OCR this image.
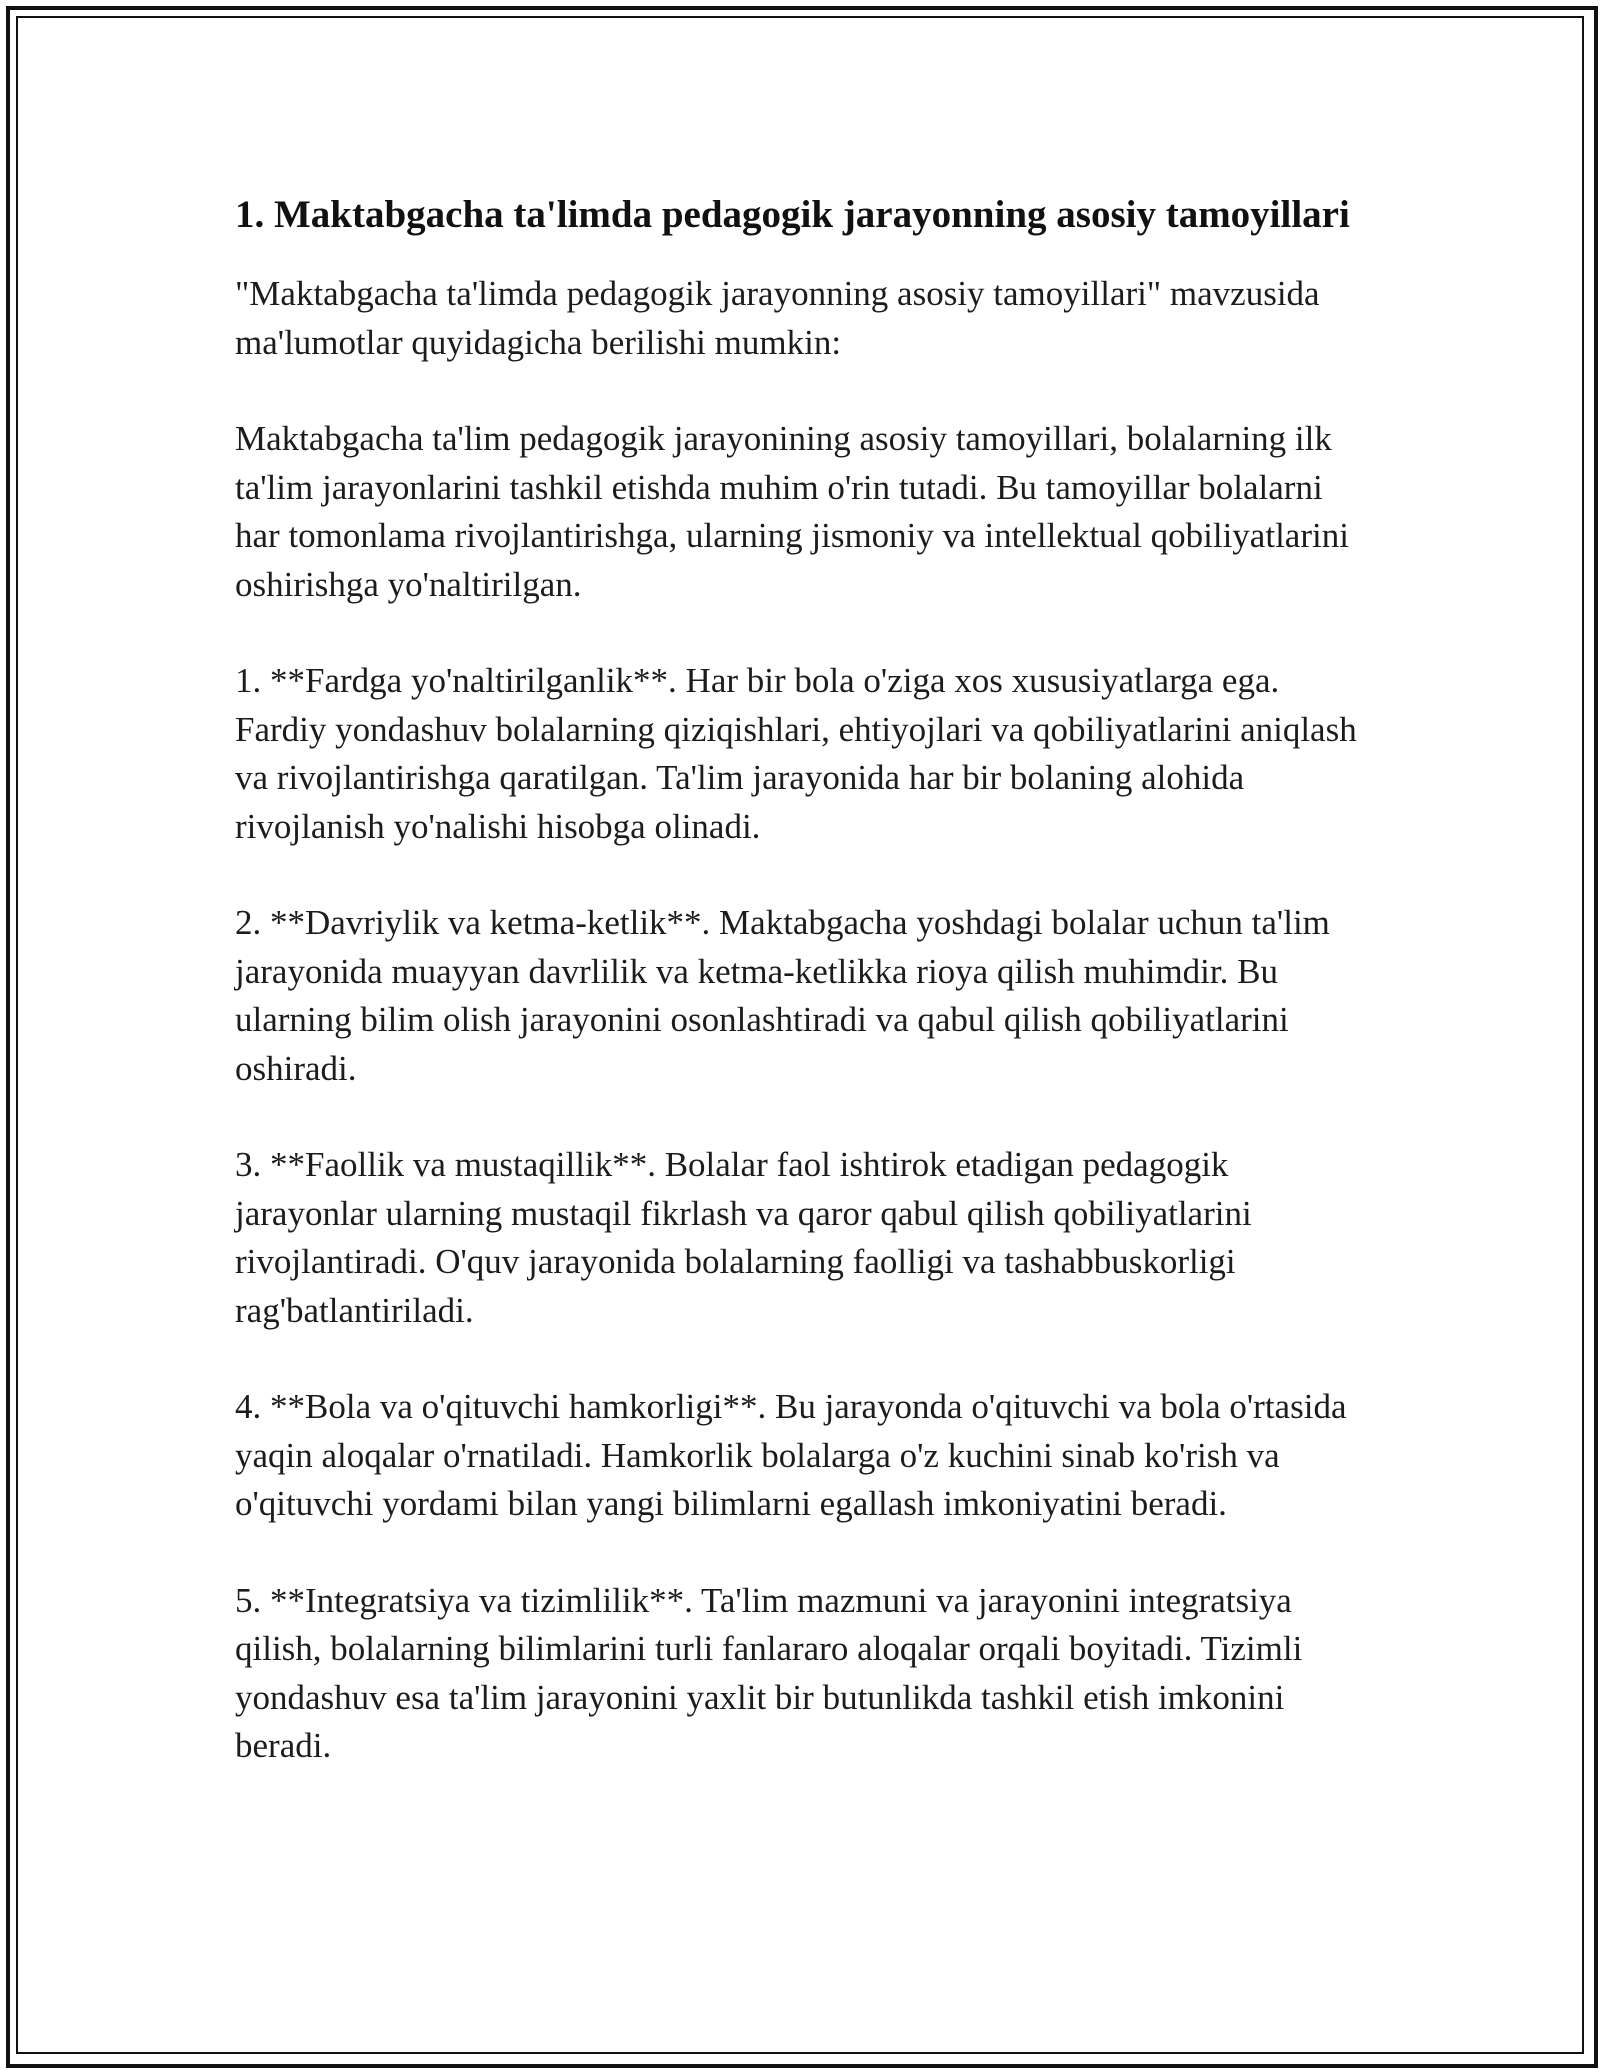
1. Maktabgacha ta'limda pedagogik jarayonning asosiy tamoyillari

"Maktabgacha ta'limda pedagogik jarayonning asosiy tamoyillari" mavzusida ma'lumotlar quyidagicha berilishi mumkin:

Maktabgacha ta'lim pedagogik jarayonining asosiy tamoyillari, bolalarning ilk ta'lim jarayonlarini tashkil etishda muhim o'rin tutadi. Bu tamoyillar bolalarni har tomonlama rivojlantirishga, ularning jismoniy va intellektual qobiliyatlarini oshirishga yo'naltirilgan.

1. **Fardga yo'naltirilganlik**. Har bir bola o'ziga xos xususiyatlarga ega. Fardiy yondashuv bolalarning qiziqishlari, ehtiyojlari va qobiliyatlarini aniqlash va rivojlantirishga qaratilgan. Ta'lim jarayonida har bir bolaning alohida rivojlanish yo'nalishi hisobga olinadi.

2. **Davriylik va ketma-ketlik**. Maktabgacha yoshdagi bolalar uchun ta'lim jarayonida muayyan davrlilik va ketma-ketlikka rioya qilish muhimdir. Bu ularning bilim olish jarayonini osonlashtiradi va qabul qilish qobiliyatlarini oshiradi.

3. **Faollik va mustaqillik**. Bolalar faol ishtirok etadigan pedagogik jarayonlar ularning mustaqil fikrlash va qaror qabul qilish qobiliyatlarini rivojlantiradi. O'quv jarayonida bolalarning faolligi va tashabbuskorligi rag'batlantiriladi.

4. **Bola va o'qituvchi hamkorligi**. Bu jarayonda o'qituvchi va bola o'rtasida yaqin aloqalar o'rnatiladi. Hamkorlik bolalarga o'z kuchini sinab ko'rish va o'qituvchi yordami bilan yangi bilimlarni egallash imkoniyatini beradi.

5. **Integratsiya va tizimlilik**. Ta'lim mazmuni va jarayonini integratsiya qilish, bolalarning bilimlarini turli fanlararo aloqalar orqali boyitadi. Tizimli yondashuv esa ta'lim jarayonini yaxlit bir butunlikda tashkil etish imkonini beradi.
